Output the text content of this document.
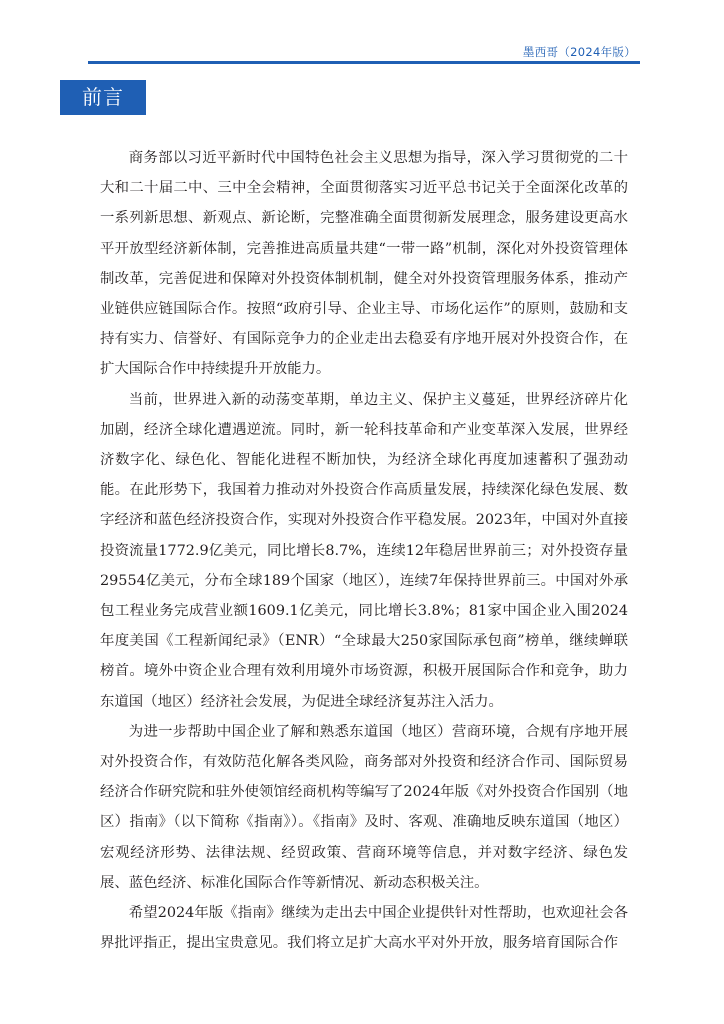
墨西哥（2024年版）
前言

商务部以习近平新时代中国特色社会主义思想为指导，深入学习贯彻党的二十大和二十届二中、三中全会精神，全面贯彻落实习近平总书记关于全面深化改革的一系列新思想、新观点、新论断，完整准确全面贯彻新发展理念，服务建设更高水平开放型经济新体制，完善推进高质量共建“一带一路”机制，深化对外投资管理体制改革，完善促进和保障对外投资体制机制，健全对外投资管理服务体系，推动产业链供应链国际合作。按照“政府引导、企业主导、市场化运作”的原则，鼓励和支持有实力、信誉好、有国际竞争力的企业走出去稳妥有序地开展对外投资合作，在扩大国际合作中持续提升开放能力。

当前，世界进入新的动荡变革期，单边主义、保护主义蔓延，世界经济碎片化加剧，经济全球化遭遇逆流。同时，新一轮科技革命和产业变革深入发展，世界经济数字化、绿色化、智能化进程不断加快，为经济全球化再度加速蓄积了强劲动能。在此形势下，我国着力推动对外投资合作高质量发展，持续深化绿色发展、数字经济和蓝色经济投资合作，实现对外投资合作平稳发展。2023年，中国对外直接投资流量1772.9亿美元，同比增长8.7%，连续12年稳居世界前三；对外投资存量29554亿美元，分布全球189个国家（地区），连续7年保持世界前三。中国对外承包工程业务完成营业额1609.1亿美元，同比增长3.8%；81家中国企业入围2024年度美国《工程新闻纪录》（ENR）“全球最大250家国际承包商”榜单，继续蝉联榜首。境外中资企业合理有效利用境外市场资源，积极开展国际合作和竞争，助力东道国（地区）经济社会发展，为促进全球经济复苏注入活力。

为进一步帮助中国企业了解和熟悉东道国（地区）营商环境，合规有序地开展对外投资合作，有效防范化解各类风险，商务部对外投资和经济合作司、国际贸易经济合作研究院和驻外使领馆经商机构等编写了2024年版《对外投资合作国别（地区）指南》（以下简称《指南》）。《指南》及时、客观、准确地反映东道国（地区）宏观经济形势、法律法规、经贸政策、营商环境等信息，并对数字经济、绿色发展、蓝色经济、标准化国际合作等新情况、新动态积极关注。

希望2024年版《指南》继续为走出去中国企业提供针对性帮助，也欢迎社会各界批评指正，提出宝贵意见。我们将立足扩大高水平对外开放，服务培育国际合作
